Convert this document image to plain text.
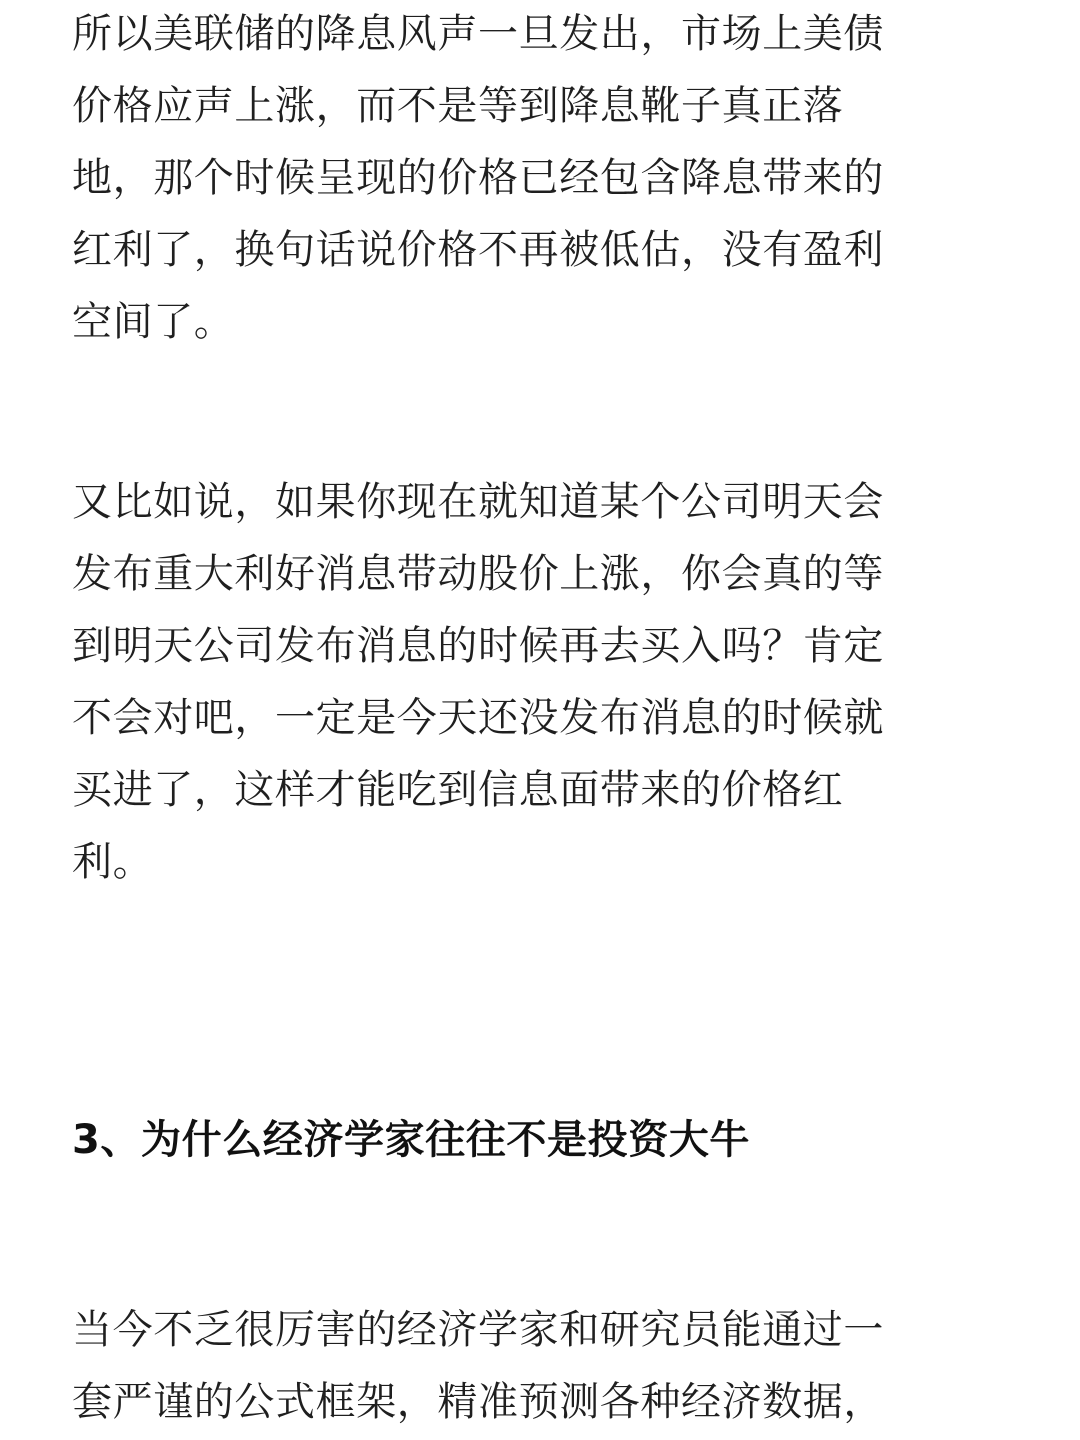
所以美联储的降息风声一旦发出，市场上美债
价格应声上涨，而不是等到降息靴子真正落
地，那个时候呈现的价格已经包含降息带来的
红利了，换句话说价格不再被低估，没有盈利
空间了。

又比如说，如果你现在就知道某个公司明天会
发布重大利好消息带动股价上涨，你会真的等
到明天公司发布消息的时候再去买入吗？肯定
不会对吧，一定是今天还没发布消息的时候就
买进了，这样才能吃到信息面带来的价格红
利。

3、为什么经济学家往往不是投资大牛

当今不乏很厉害的经济学家和研究员能通过一
套严谨的公式框架，精准预测各种经济数据，
